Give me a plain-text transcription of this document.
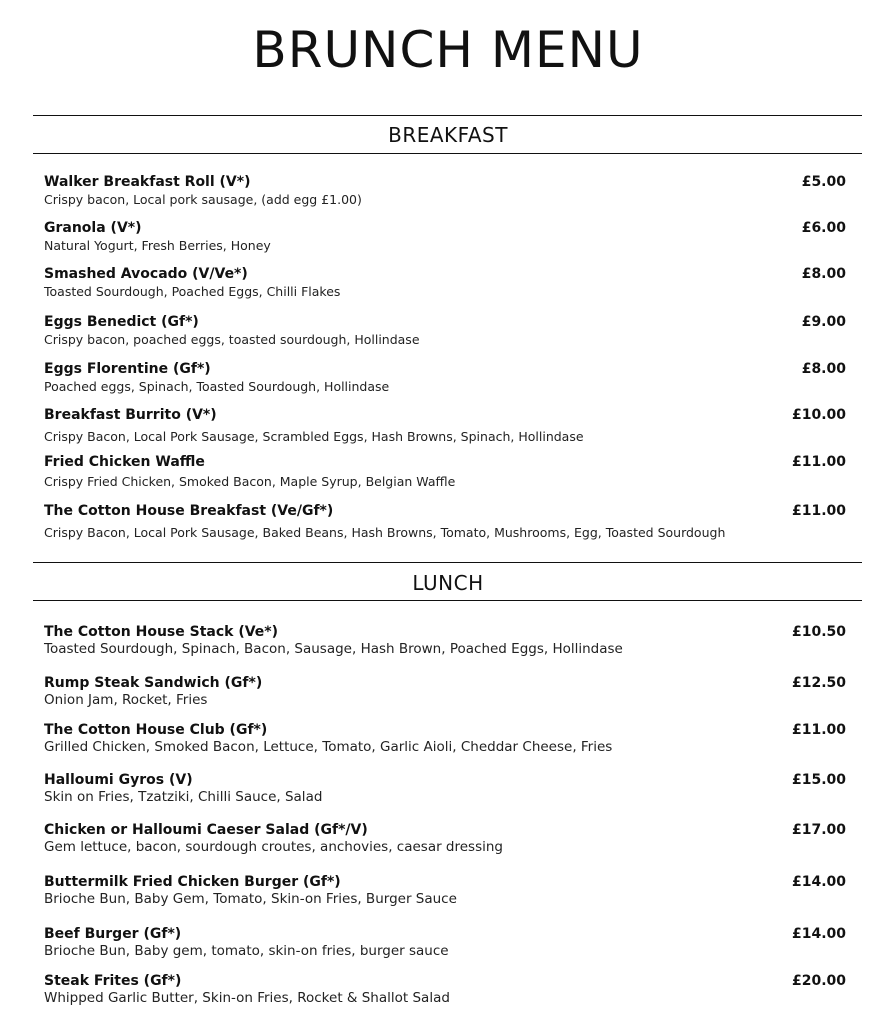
BRUNCH MENU
BREAKFAST
Walker Breakfast Roll (V*)
Crispy bacon, Local pork sausage, (add egg £1.00)
£5.00
Granola (V*)
Natural Yogurt, Fresh Berries, Honey
£6.00
Smashed Avocado (V/Ve*)
Toasted Sourdough, Poached Eggs, Chilli Flakes
£8.00
Eggs Benedict (Gf*)
Crispy bacon, poached eggs, toasted sourdough, Hollindase
£9.00
Eggs Florentine (Gf*)
Poached eggs, Spinach, Toasted Sourdough, Hollindase
£8.00
Breakfast Burrito (V*)
Crispy Bacon, Local Pork Sausage, Scrambled Eggs, Hash Browns, Spinach, Hollindase
£10.00
Fried Chicken Waffle
Crispy Fried Chicken, Smoked Bacon, Maple Syrup, Belgian Waffle
£11.00
The Cotton House Breakfast (Ve/Gf*)
Crispy Bacon, Local Pork Sausage, Baked Beans, Hash Browns, Tomato, Mushrooms, Egg, Toasted Sourdough
£11.00
LUNCH
The Cotton House Stack (Ve*)
Toasted Sourdough, Spinach, Bacon, Sausage, Hash Brown, Poached Eggs, Hollindase
£10.50
Rump Steak Sandwich (Gf*)
Onion Jam, Rocket, Fries
£12.50
The Cotton House Club (Gf*)
Grilled Chicken, Smoked Bacon, Lettuce, Tomato, Garlic Aioli, Cheddar Cheese, Fries
£11.00
Halloumi Gyros (V)
Skin on Fries, Tzatziki, Chilli Sauce, Salad
£15.00
Chicken or Halloumi Caeser Salad (Gf*/V)
Gem lettuce, bacon, sourdough croutes, anchovies, caesar dressing
£17.00
Buttermilk Fried Chicken Burger (Gf*)
Brioche Bun, Baby Gem, Tomato, Skin-on Fries, Burger Sauce
£14.00
Beef Burger (Gf*)
Brioche Bun, Baby gem, tomato, skin-on fries, burger sauce
£14.00
Steak Frites (Gf*)
Whipped Garlic Butter, Skin-on Fries, Rocket & Shallot Salad
£20.00
